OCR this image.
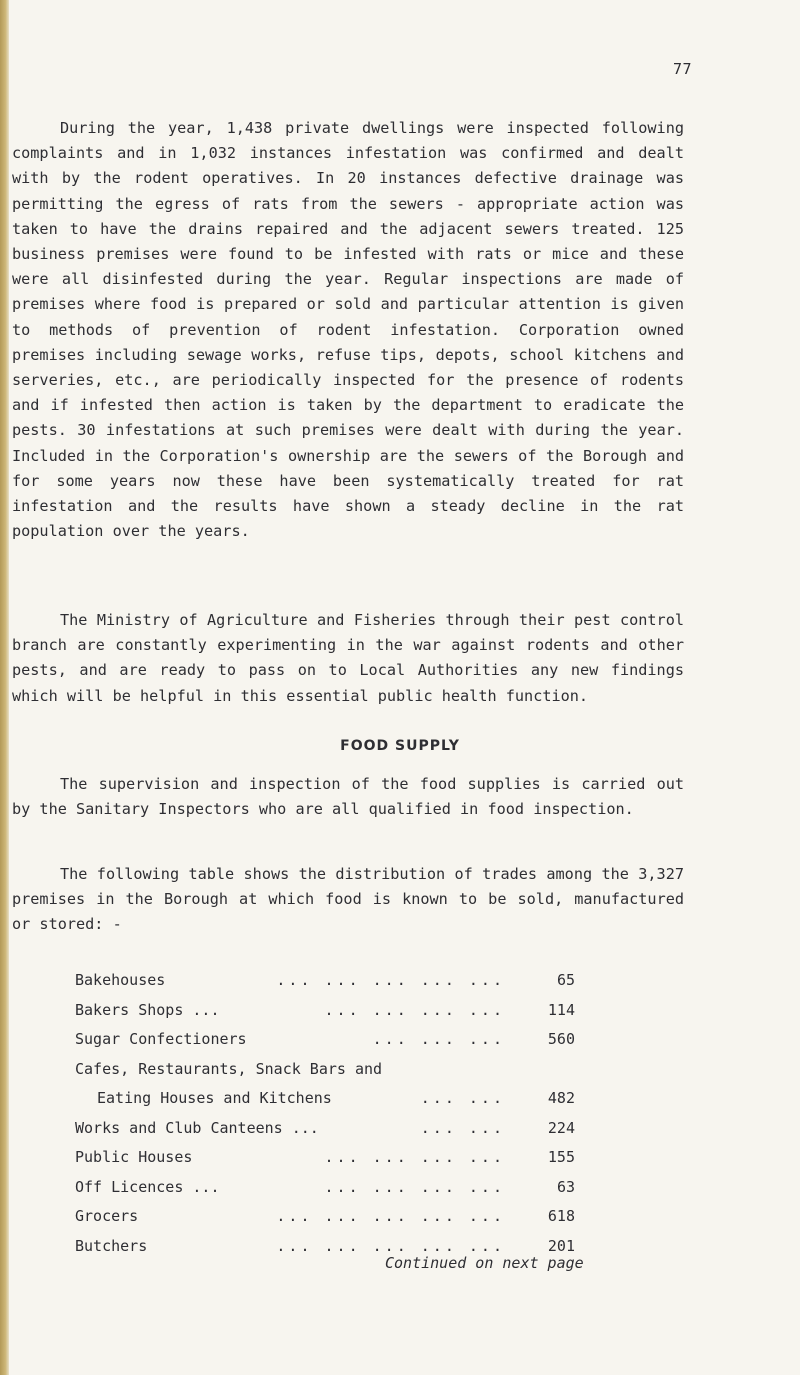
77

During the year, 1,438 private dwellings were inspected following complaints and in 1,032 instances infestation was confirmed and dealt with by the rodent operatives. In 20 instances defective drainage was permitting the egress of rats from the sewers - appropriate action was taken to have the drains repaired and the adjacent sewers treated. 125 business premises were found to be infested with rats or mice and these were all disinfested during the year. Regular inspections are made of premises where food is prepared or sold and particular attention is given to methods of prevention of rodent infestation. Corporation owned premises including sewage works, refuse tips, depots, school kitchens and serveries, etc., are periodically inspected for the presence of rodents and if infested then action is taken by the department to eradicate the pests. 30 infestations at such premises were dealt with during the year. Included in the Corporation's ownership are the sewers of the Borough and for some years now these have been systematically treated for rat infestation and the results have shown a steady decline in the rat population over the years.

The Ministry of Agriculture and Fisheries through their pest control branch are constantly experimenting in the war against rodents and other pests, and are ready to pass on to Local Authorities any new findings which will be helpful in this essential public health function.

FOOD SUPPLY

The supervision and inspection of the food supplies is carried out by the Sanitary Inspectors who are all qualified in food inspection.

The following table shows the distribution of trades among the 3,327 premises in the Borough at which food is known to be sold, manufactured or stored: -

Bakehouses	... ... ... ... ...	65
Bakers Shops ...	... ... ... ...	114
Sugar Confectioners	... ... ...	560
Cafes, Restaurants, Snack Bars and
Eating Houses and Kitchens	... ...	482
Works and Club Canteens ...	... ...	224
Public Houses	... ... ... ...	155
Off Licences ...	... ... ... ...	63
Grocers	... ... ... ... ...	618
Butchers	... ... ... ... ...	201
Continued on next page
